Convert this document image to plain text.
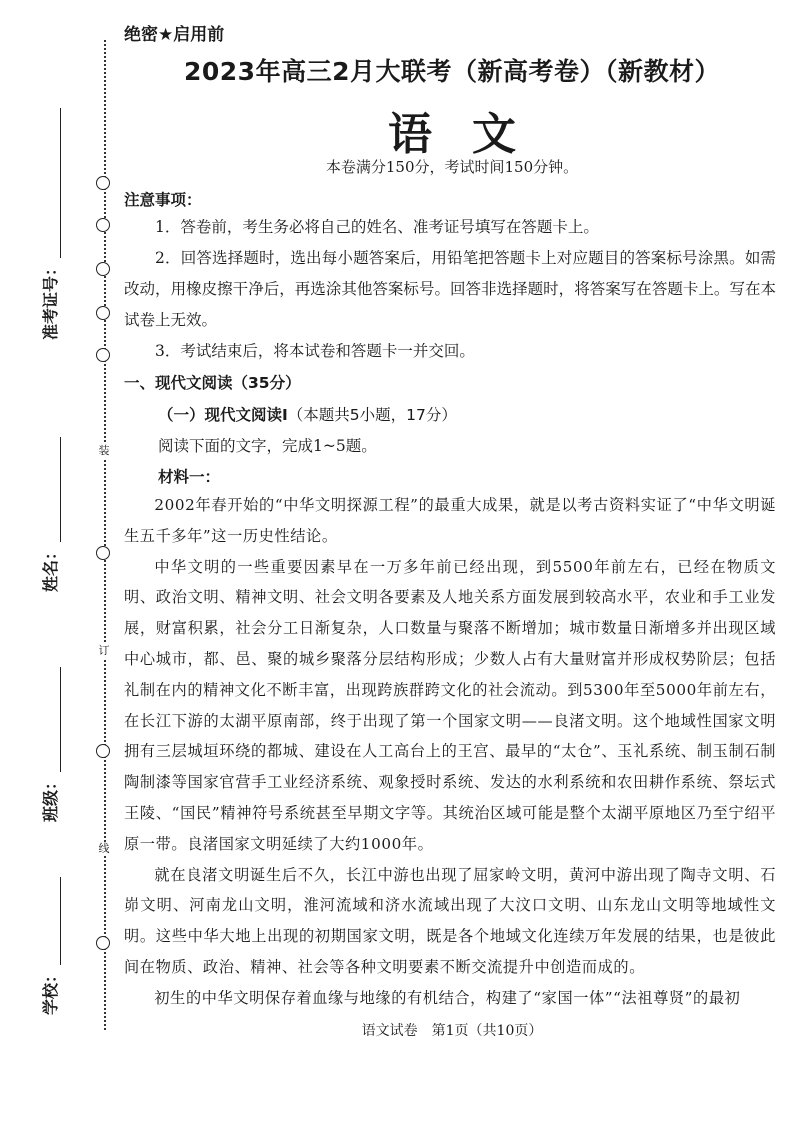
装
订
线
学校：
班级：
姓名：
准考证号：
绝密★启用前
2023年高三2月大联考（新高考卷）（新教材）
语文
本卷满分150分，考试时间150分钟。
注意事项：

1．答卷前，考生务必将自己的姓名、准考证号填写在答题卡上。

2．回答选择题时，选出每小题答案后，用铅笔把答题卡上对应题目的答案标号涂黑。如需改动，用橡皮擦干净后，再选涂其他答案标号。回答非选择题时，将答案写在答题卡上。写在本试卷上无效。

3．考试结束后，将本试卷和答题卡一并交回。

一、现代文阅读（35分）
（一）现代文阅读Ⅰ（本题共5小题，17分）
阅读下面的文字，完成1~5题。
材料一：

2002年春开始的“中华文明探源工程”的最重大成果，就是以考古资料实证了“中华文明诞生五千多年”这一历史性结论。

中华文明的一些重要因素早在一万多年前已经出现，到5500年前左右，已经在物质文明、政治文明、精神文明、社会文明各要素及人地关系方面发展到较高水平，农业和手工业发展，财富积累，社会分工日渐复杂，人口数量与聚落不断增加；城市数量日渐增多并出现区域中心城市，都、邑、聚的城乡聚落分层结构形成；少数人占有大量财富并形成权势阶层；包括礼制在内的精神文化不断丰富，出现跨族群跨文化的社会流动。到5300年至5000年前左右，在长江下游的太湖平原南部，终于出现了第一个国家文明——良渚文明。这个地域性国家文明拥有三层城垣环绕的都城、建设在人工高台上的王宫、最早的“太仓”、玉礼系统、制玉制石制陶制漆等国家官营手工业经济系统、观象授时系统、发达的水利系统和农田耕作系统、祭坛式王陵、“国民”精神符号系统甚至早期文字等。其统治区域可能是整个太湖平原地区乃至宁绍平原一带。良渚国家文明延续了大约1000年。

就在良渚文明诞生后不久，长江中游也出现了屈家岭文明，黄河中游出现了陶寺文明、石峁文明、河南龙山文明，淮河流域和济水流域出现了大汶口文明、山东龙山文明等地域性文明。这些中华大地上出现的初期国家文明，既是各个地域文化连续万年发展的结果，也是彼此间在物质、政治、精神、社会等各种文明要素不断交流提升中创造而成的。

初生的中华文明保存着血缘与地缘的有机结合，构建了“家国一体”“法祖尊贤”的最初

语文试卷　第1页（共10页）
